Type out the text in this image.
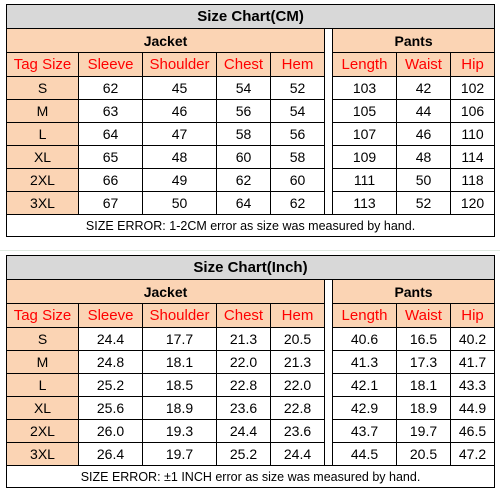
Size Chart(CM)								
Jacket						Pants		
Tag Size	Sleeve	Shoulder	Chest	Hem		Length	Waist	Hip
S	62	45	54	52		103	42	102
M	63	46	56	54		105	44	106
L	64	47	58	56		107	46	110
XL	65	48	60	58		109	48	114
2XL	66	49	62	60		111	50	118
3XL	67	50	64	62		113	52	120
SIZE ERROR: 1-2CM error as size was measured by hand.								
Size Chart(Inch)								
Jacket						Pants		
Tag Size	Sleeve	Shoulder	Chest	Hem		Length	Waist	Hip
S	24.4	17.7	21.3	20.5		40.6	16.5	40.2
M	24.8	18.1	22.0	21.3		41.3	17.3	41.7
L	25.2	18.5	22.8	22.0		42.1	18.1	43.3
XL	25.6	18.9	23.6	22.8		42.9	18.9	44.9
2XL	26.0	19.3	24.4	23.6		43.7	19.7	46.5
3XL	26.4	19.7	25.2	24.4		44.5	20.5	47.2
SIZE ERROR: ±1 INCH error as size was measured by hand.								
